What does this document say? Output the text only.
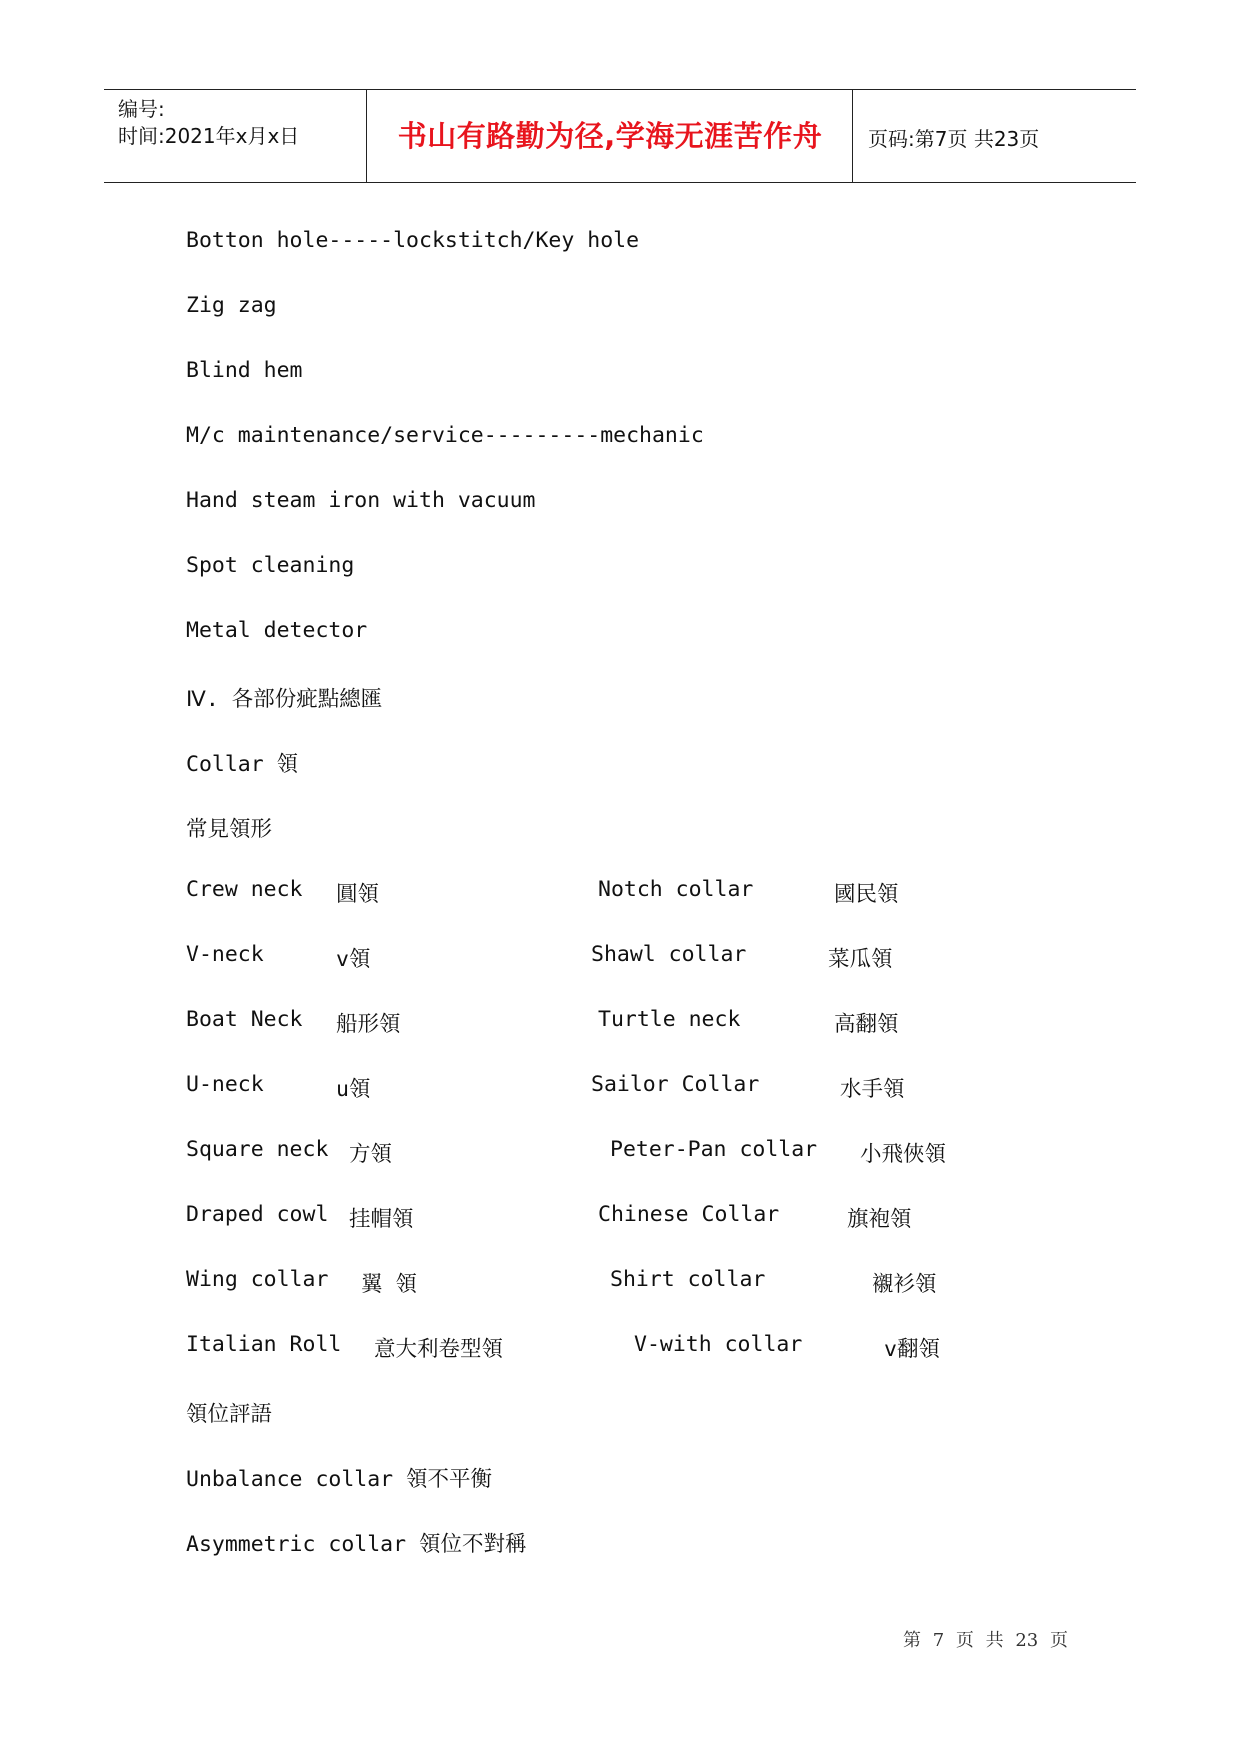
编号:
时间:2021年x月x日	书山有路勤为径,学海无涯苦作舟	页码:第7页 共23页
Botton hole-----lockstitch/Key hole
Zig zag
Blind hem
M/c maintenance/service---------mechanic
Hand steam iron with vacuum
Spot cleaning
Metal detector
Ⅳ. 各部份疵點總匯
Collar 領
常見領形
Crew neck 圓領	Notch collar	國民領
V-neck	v領	Shawl collar	菜瓜領
Boat Neck 船形領	Turtle neck	高翻領
U-neck	u領	Sailor Collar	水手領
Square neck 方領	Peter-Pan collar 小飛俠領
Draped cowl 挂帽領	Chinese Collar	旗袍領
Wing collar 翼 領	Shirt collar	襯衫領
Italian Roll 意大利卷型領	V-with collar	v翻領
領位評語
Unbalance collar 領不平衡
Asymmetric collar 領位不對稱
第 7 页 共 23 页
